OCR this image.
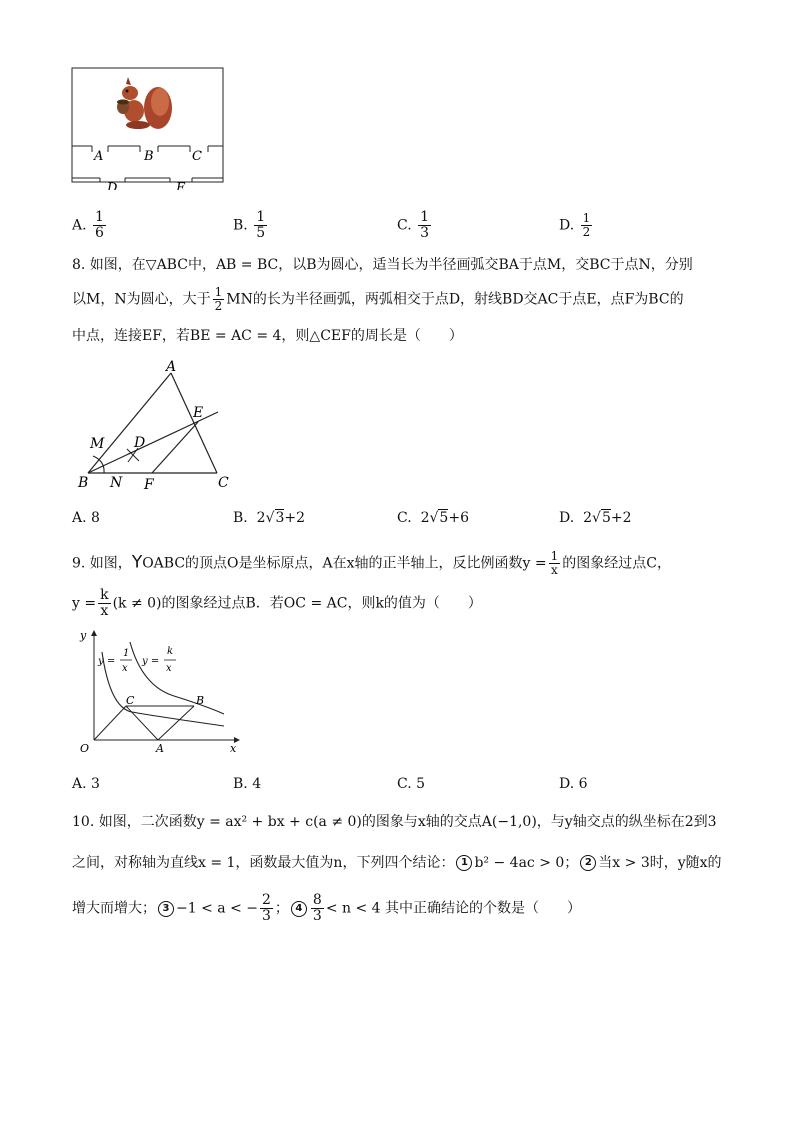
A	B	C
D	E
A. $\frac{1}{6}$	B. $\frac{1}{5}$	C. $\frac{1}{3}$	D. $\frac{1}{2}$
8. 如图，在▽ABC中，AB = BC，以B为圆心，适当长为半径画弧交BA于点M，交BC于点N，分别
以M，N为圆心，大于 $\frac{1}{2}$ MN的长为半径画弧，两弧相交于点D，射线BD交AC于点E，点F为BC的
中点，连接EF，若BE = AC = 4，则△CEF的周长是（　　）
A
B	C
D
E
F
M
N
A. 8	B. 2√3+2	C. 2√5+6	D. 2√5+2
9. 如图，YOABC的顶点O是坐标原点，A在x轴的正半轴上，反比例函数$y = \frac{1}{x}$ 的图象经过点C，
$y = \frac{k}{x} (k \ne 0)$的图象经过点B．若OC = AC，则k的值为（　　）
y
x
O	A
B
C
y =
1
x
y =
k
x
A. 3	B. 4	C. 5	D. 6
10. 如图，二次函数y = ax² + bx + c(a ≠ 0)的图象与x轴的交点A(−1,0)，与y轴交点的纵坐标在2到3
之间，对称轴为直线x = 1，函数最大值为n，下列四个结论： 1 b² − 4ac > 0； 2 当x > 3时，y随x的
增大而增大； 3 −1 < a < − $\frac{2}{3}$ ； $4 \frac{8}{3} < n < 4$ 其中正确结论的个数是（　　）
